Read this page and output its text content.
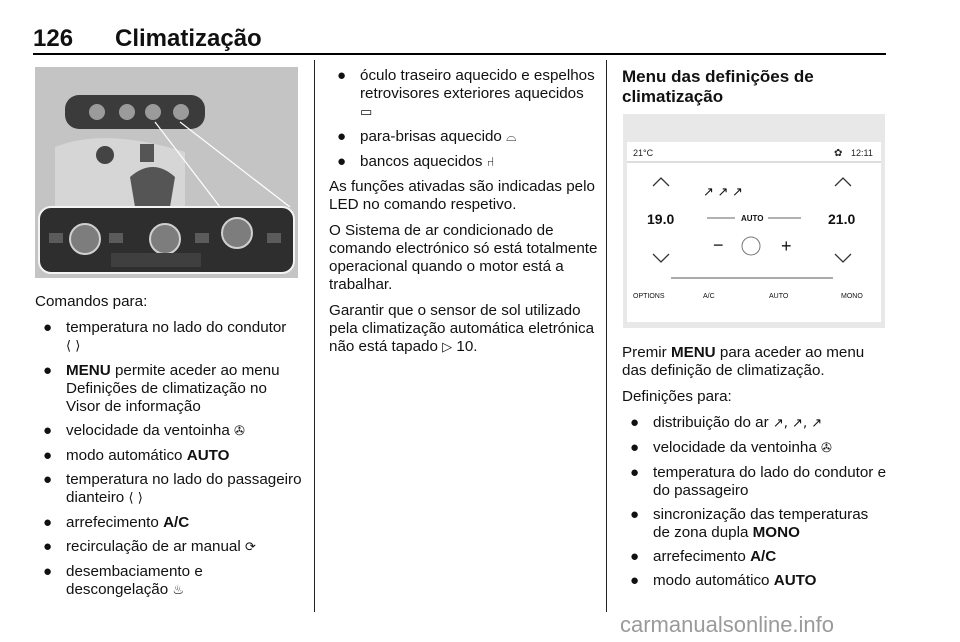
126 Climatização

Comandos para:

● temperatura no lado do condutor
⟨ ⟩
● MENU permite aceder ao menu Definições de climatização no Visor de informação
● velocidade da ventoinha ✇
● modo automático AUTO
● temperatura no lado do passageiro dianteiro ⟨ ⟩
● arrefecimento A/C
● recirculação de ar manual ⟳
● desembaciamento e descongelação ♨
● óculo traseiro aquecido e espelhos retrovisores exteriores aquecidos ▭
● para-brisas aquecido ⌓
● bancos aquecidos ⑁

As funções ativadas são indicadas pelo LED no comando respetivo.

O Sistema de ar condicionado de comando electrónico só está totalmente operacional quando o motor está a trabalhar.

Garantir que o sensor de sol utilizado pela climatização automática eletrónica não está tapado ▷ 10.

Menu das definições de climatização

21°C	✿ 12:11
19.0	21.0
↗ ↗ ↗
AUTO
−	+
OPTIONS	A/C	AUTO	MONO

Premir MENU para aceder ao menu das definição de climatização.

Definições para:

● distribuição do ar ↗, ↗, ↗
● velocidade da ventoinha ✇
● temperatura do lado do condutor e do passageiro
● sincronização das temperaturas de zona dupla MONO
● arrefecimento A/C
● modo automático AUTO
carmanualsonline.info
